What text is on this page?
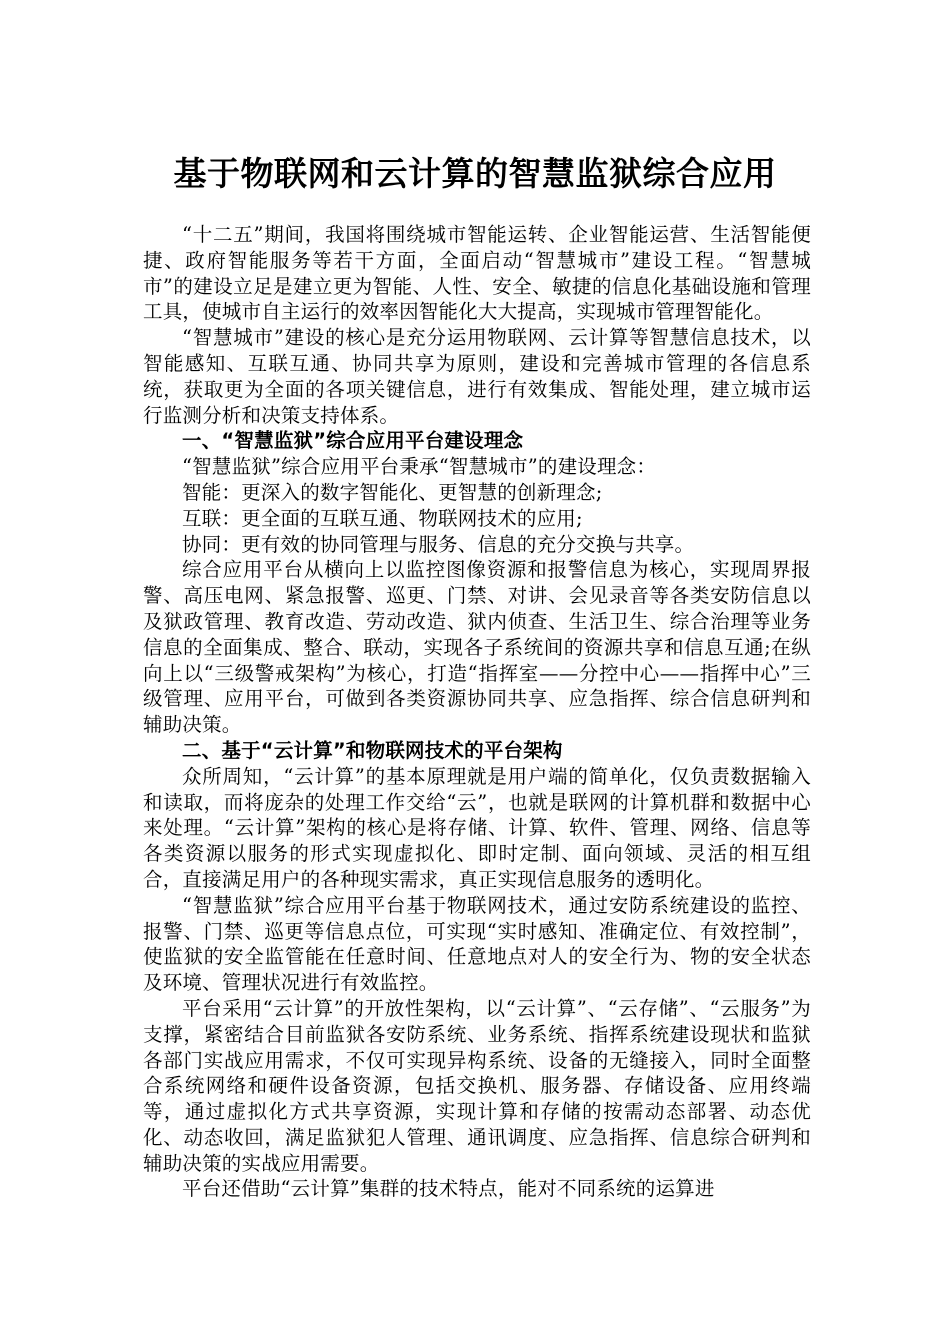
基于物联网和云计算的智慧监狱综合应用

“十二五”期间，我国将围绕城市智能运转、企业智能运营、生活智能便捷、政府智能服务等若干方面，全面启动“智慧城市”建设工程。“智慧城市”的建设立足是建立更为智能、人性、安全、敏捷的信息化基础设施和管理工具，使城市自主运行的效率因智能化大大提高，实现城市管理智能化。

“智慧城市”建设的核心是充分运用物联网、云计算等智慧信息技术，以智能感知、互联互通、协同共享为原则，建设和完善城市管理的各信息系统，获取更为全面的各项关键信息，进行有效集成、智能处理，建立城市运行监测分析和决策支持体系。

一、“智慧监狱”综合应用平台建设理念

“智慧监狱”综合应用平台秉承“智慧城市”的建设理念：

智能：更深入的数字智能化、更智慧的创新理念;

互联：更全面的互联互通、物联网技术的应用;

协同：更有效的协同管理与服务、信息的充分交换与共享。

综合应用平台从横向上以监控图像资源和报警信息为核心，实现周界报警、高压电网、紧急报警、巡更、门禁、对讲、会见录音等各类安防信息以及狱政管理、教育改造、劳动改造、狱内侦查、生活卫生、综合治理等业务信息的全面集成、整合、联动，实现各子系统间的资源共享和信息互通;在纵向上以“三级警戒架构”为核心，打造“指挥室——分控中心——指挥中心”三级管理、应用平台，可做到各类资源协同共享、应急指挥、综合信息研判和辅助决策。

二、基于“云计算”和物联网技术的平台架构

众所周知，“云计算”的基本原理就是用户端的简单化，仅负责数据输入和读取，而将庞杂的处理工作交给“云”，也就是联网的计算机群和数据中心来处理。“云计算”架构的核心是将存储、计算、软件、管理、网络、信息等各类资源以服务的形式实现虚拟化、即时定制、面向领域、灵活的相互组合，直接满足用户的各种现实需求，真正实现信息服务的透明化。

“智慧监狱”综合应用平台基于物联网技术，通过安防系统建设的监控、报警、门禁、巡更等信息点位，可实现“实时感知、准确定位、有效控制”，使监狱的安全监管能在任意时间、任意地点对人的安全行为、物的安全状态及环境、管理状况进行有效监控。

平台采用“云计算”的开放性架构，以“云计算”、“云存储”、“云服务”为支撑，紧密结合目前监狱各安防系统、业务系统、指挥系统建设现状和监狱各部门实战应用需求，不仅可实现异构系统、设备的无缝接入，同时全面整合系统网络和硬件设备资源，包括交换机、服务器、存储设备、应用终端等，通过虚拟化方式共享资源，实现计算和存储的按需动态部署、动态优化、动态收回，满足监狱犯人管理、通讯调度、应急指挥、信息综合研判和辅助决策的实战应用需要。

平台还借助“云计算”集群的技术特点，能对不同系统的运算进
